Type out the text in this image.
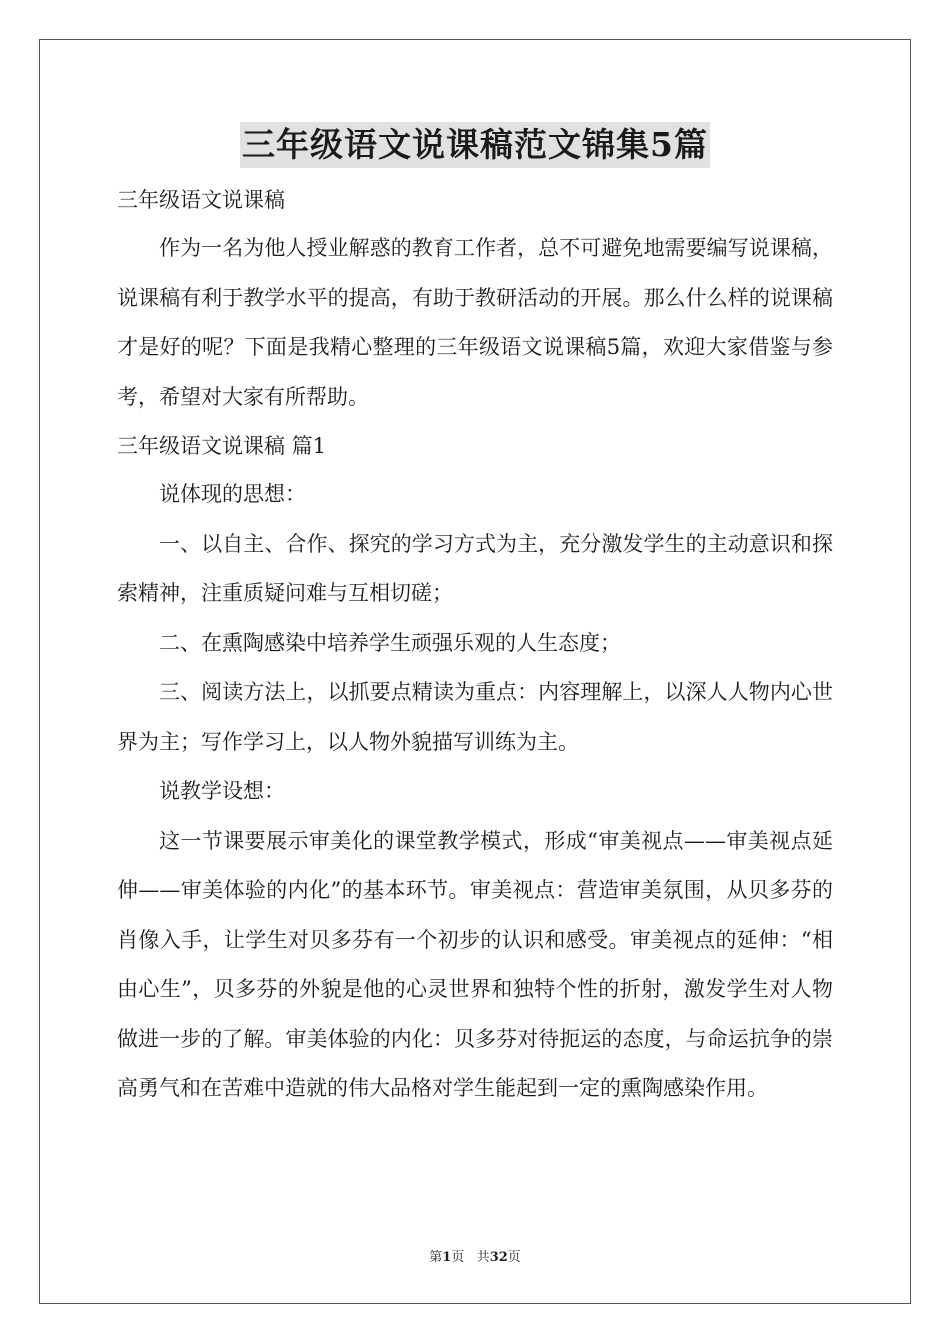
三年级语文说课稿范文锦集5篇

三年级语文说课稿

作为一名为他人授业解惑的教育工作者，总不可避免地需要编写说课稿，说课稿有利于教学水平的提高，有助于教研活动的开展。那么什么样的说课稿才是好的呢？下面是我精心整理的三年级语文说课稿5篇，欢迎大家借鉴与参考，希望对大家有所帮助。

三年级语文说课稿 篇1

说体现的思想：

一、以自主、合作、探究的学习方式为主，充分激发学生的主动意识和探索精神，注重质疑问难与互相切磋；

二、在熏陶感染中培养学生顽强乐观的人生态度；

三、阅读方法上，以抓要点精读为重点：内容理解上，以深人人物内心世界为主；写作学习上，以人物外貌描写训练为主。

说教学设想：

这一节课要展示审美化的课堂教学模式，形成“审美视点——审美视点延伸——审美体验的内化”的基本环节。审美视点：营造审美氛围，从贝多芬的肖像入手，让学生对贝多芬有一个初步的认识和感受。审美视点的延伸：“相由心生”，贝多芬的外貌是他的心灵世界和独特个性的折射，激发学生对人物做进一步的了解。审美体验的内化：贝多芬对待扼运的态度，与命运抗争的崇高勇气和在苦难中造就的伟大品格对学生能起到一定的熏陶感染作用。

第1页 共32页
